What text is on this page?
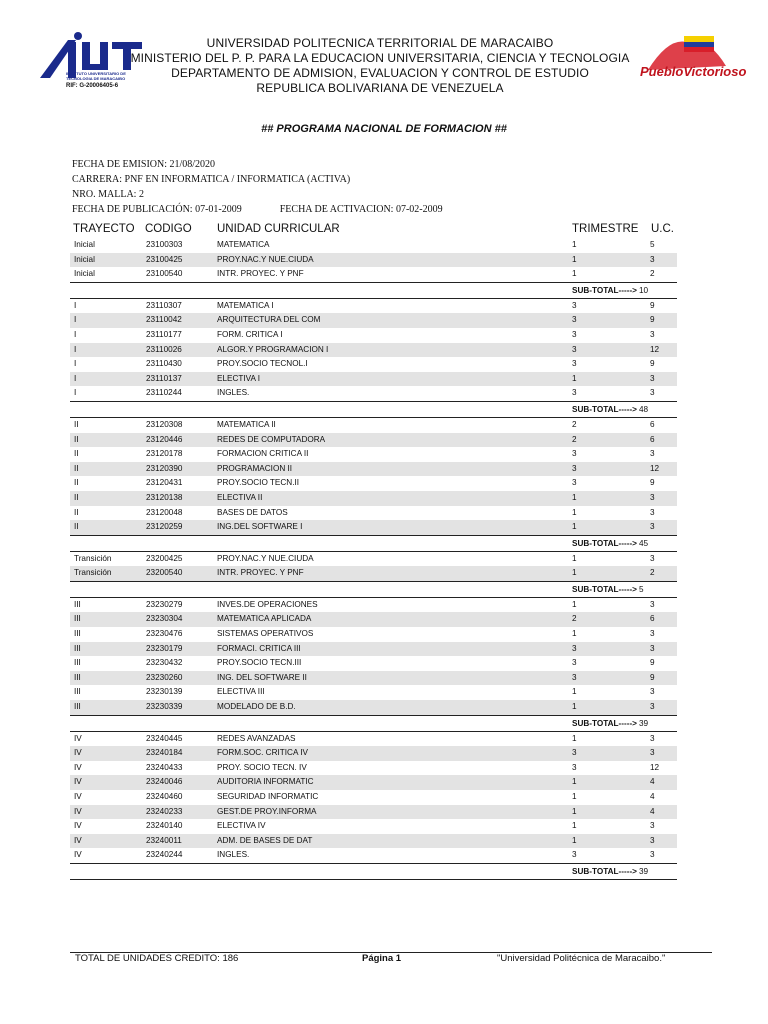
INSTITUTO UNIVERSITARIO DE
TECNOLOGIA DE MARACAIBO
RIF: G-20006405-6
UNIVERSIDAD POLITECNICA TERRITORIAL DE MARACAIBO
MINISTERIO DEL P. P. PARA LA EDUCACION UNIVERSITARIA, CIENCIA Y TECNOLOGIA
DEPARTAMENTO DE ADMISION, EVALUACION Y CONTROL DE ESTUDIO
REPUBLICA BOLIVARIANA DE VENEZUELA
PuebloVictorioso
## PROGRAMA NACIONAL DE FORMACION ##
FECHA DE EMISION: 21/08/2020
CARRERA: PNF EN INFORMATICA / INFORMATICA (ACTIVA)
NRO. MALLA: 2
FECHA DE PUBLICACIÓN: 07-01-2009	FECHA DE ACTIVACION: 07-02-2009
TRAYECTO CODIGO UNIDAD CURRICULAR	TRIMESTRE U.C.
Inicial	23100303	MATEMATICA	1	5
Inicial	23100425	PROY.NAC.Y NUE.CIUDA	1	3
Inicial	23100540	INTR. PROYEC. Y PNF	1	2
SUB-TOTAL-----> 10
I	23110307	MATEMATICA I	3	9
I	23110042	ARQUITECTURA DEL COM	3	9
I	23110177	FORM. CRITICA I	3	3
I	23110026	ALGOR.Y PROGRAMACION I	3	12
I	23110430	PROY.SOCIO TECNOL.I	3	9
I	23110137	ELECTIVA I	1	3
I	23110244	INGLES.	3	3
SUB-TOTAL-----> 48
II	23120308	MATEMATICA II	2	6
II	23120446	REDES DE COMPUTADORA	2	6
II	23120178	FORMACION CRITICA II	3	3
II	23120390	PROGRAMACION II	3	12
II	23120431	PROY.SOCIO TECN.II	3	9
II	23120138	ELECTIVA II	1	3
II	23120048	BASES DE DATOS	1	3
II	23120259	ING.DEL SOFTWARE I	1	3
SUB-TOTAL-----> 45
Transición	23200425	PROY.NAC.Y NUE.CIUDA	1	3
Transición	23200540	INTR. PROYEC. Y PNF	1	2
SUB-TOTAL-----> 5
III	23230279	INVES.DE OPERACIONES	1	3
III	23230304	MATEMATICA APLICADA	2	6
III	23230476	SISTEMAS OPERATIVOS	1	3
III	23230179	FORMACI. CRITICA III	3	3
III	23230432	PROY.SOCIO TECN.III	3	9
III	23230260	ING. DEL SOFTWARE II	3	9
III	23230139	ELECTIVA III	1	3
III	23230339	MODELADO DE B.D.	1	3
SUB-TOTAL-----> 39
IV	23240445	REDES AVANZADAS	1	3
IV	23240184	FORM.SOC. CRITICA IV	3	3
IV	23240433	PROY. SOCIO TECN. IV	3	12
IV	23240046	AUDITORIA INFORMATIC	1	4
IV	23240460	SEGURIDAD INFORMATIC	1	4
IV	23240233	GEST.DE PROY.INFORMA	1	4
IV	23240140	ELECTIVA IV	1	3
IV	23240011	ADM. DE BASES DE DAT	1	3
IV	23240244	INGLES.	3	3
SUB-TOTAL-----> 39
TOTAL DE UNIDADES CREDITO: 186	Página 1	"Universidad Politécnica de Maracaibo."
